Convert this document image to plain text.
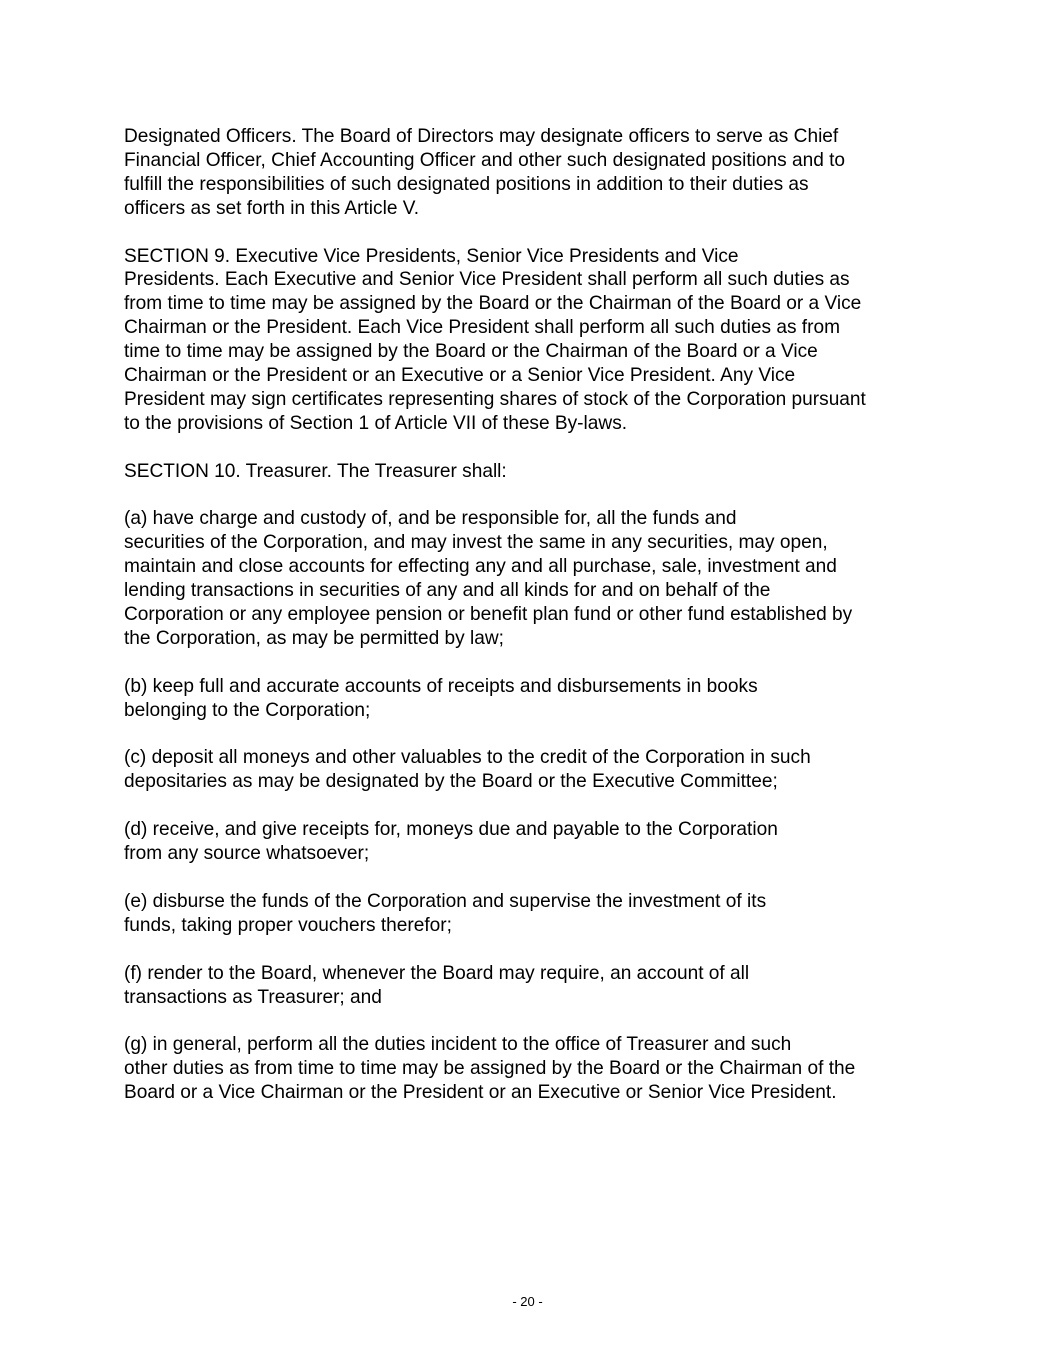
Designated Officers. The Board of Directors may designate officers to serve as Chief
Financial Officer, Chief Accounting Officer and other such designated positions and to
fulfill the responsibilities of such designated positions in addition to their duties as
officers as set forth in this Article V.

SECTION 9. Executive Vice Presidents, Senior Vice Presidents and Vice
Presidents. Each Executive and Senior Vice President shall perform all such duties as
from time to time may be assigned by the Board or the Chairman of the Board or a Vice
Chairman or the President. Each Vice President shall perform all such duties as from
time to time may be assigned by the Board or the Chairman of the Board or a Vice
Chairman or the President or an Executive or a Senior Vice President. Any Vice
President may sign certificates representing shares of stock of the Corporation pursuant
to the provisions of Section 1 of Article VII of these By-laws.

SECTION 10. Treasurer. The Treasurer shall:

(a) have charge and custody of, and be responsible for, all the funds and
securities of the Corporation, and may invest the same in any securities, may open,
maintain and close accounts for effecting any and all purchase, sale, investment and
lending transactions in securities of any and all kinds for and on behalf of the
Corporation or any employee pension or benefit plan fund or other fund established by
the Corporation, as may be permitted by law;

(b) keep full and accurate accounts of receipts and disbursements in books
belonging to the Corporation;

(c) deposit all moneys and other valuables to the credit of the Corporation in such
depositaries as may be designated by the Board or the Executive Committee;

(d) receive, and give receipts for, moneys due and payable to the Corporation
from any source whatsoever;

(e) disburse the funds of the Corporation and supervise the investment of its
funds, taking proper vouchers therefor;

(f) render to the Board, whenever the Board may require, an account of all
transactions as Treasurer; and

(g) in general, perform all the duties incident to the office of Treasurer and such
other duties as from time to time may be assigned by the Board or the Chairman of the
Board or a Vice Chairman or the President or an Executive or Senior Vice President.

- 20 -
